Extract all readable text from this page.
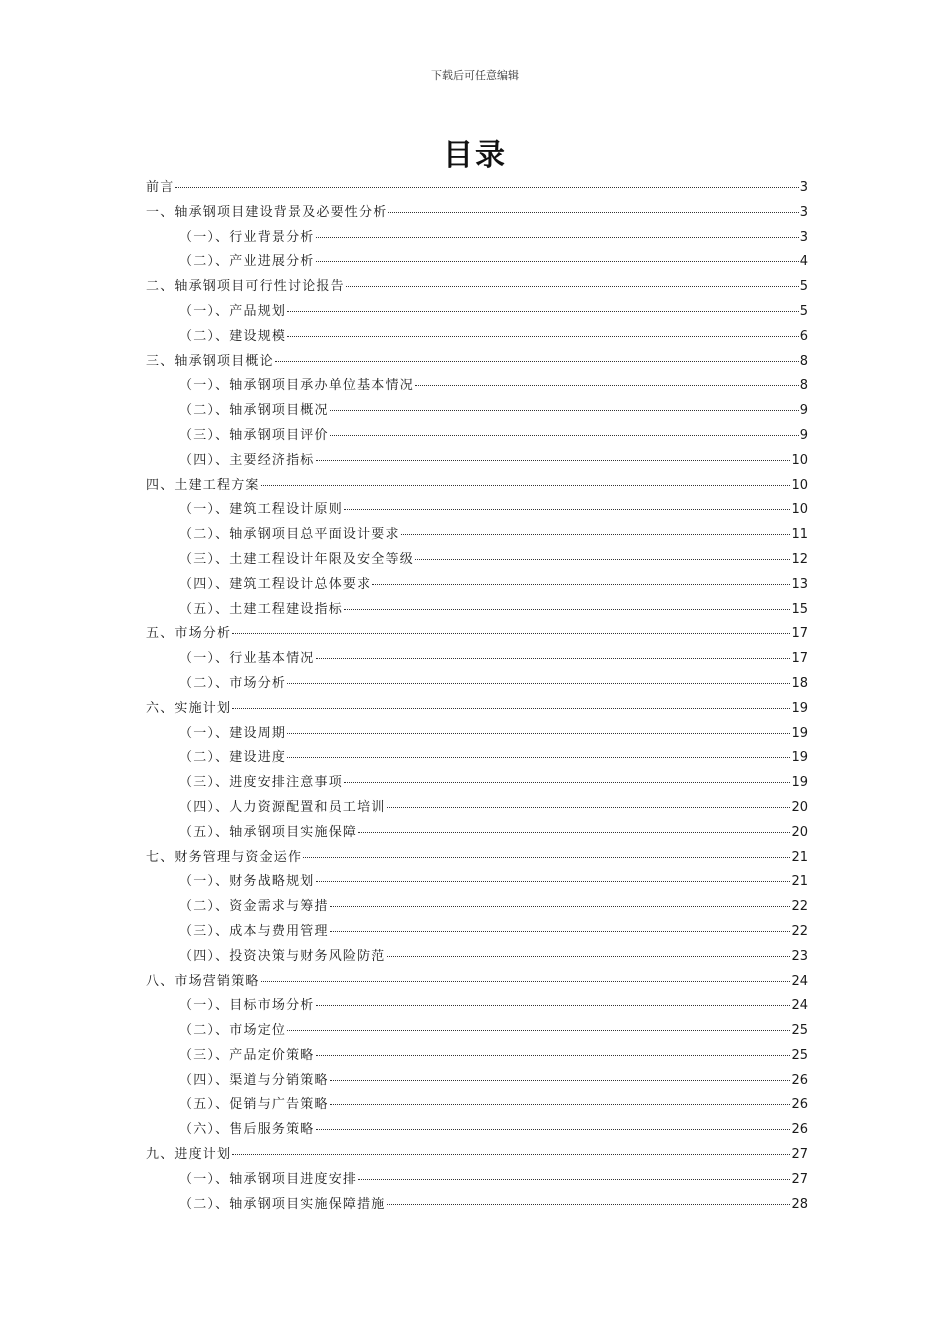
下载后可任意编辑
目录
前言	3
一、轴承钢项目建设背景及必要性分析	3
（一）、行业背景分析	3
（二）、产业进展分析	4
二、轴承钢项目可行性讨论报告	5
（一）、产品规划	5
（二）、建设规模	6
三、轴承钢项目概论	8
（一）、轴承钢项目承办单位基本情况	8
（二）、轴承钢项目概况	9
（三）、轴承钢项目评价	9
（四）、主要经济指标	10
四、土建工程方案	10
（一）、建筑工程设计原则	10
（二）、轴承钢项目总平面设计要求	11
（三）、土建工程设计年限及安全等级	12
（四）、建筑工程设计总体要求	13
（五）、土建工程建设指标	15
五、市场分析	17
（一）、行业基本情况	17
（二）、市场分析	18
六、实施计划	19
（一）、建设周期	19
（二）、建设进度	19
（三）、进度安排注意事项	19
（四）、人力资源配置和员工培训	20
（五）、轴承钢项目实施保障	20
七、财务管理与资金运作	21
（一）、财务战略规划	21
（二）、资金需求与筹措	22
（三）、成本与费用管理	22
（四）、投资决策与财务风险防范	23
八、市场营销策略	24
（一）、目标市场分析	24
（二）、市场定位	25
（三）、产品定价策略	25
（四）、渠道与分销策略	26
（五）、促销与广告策略	26
（六）、售后服务策略	26
九、进度计划	27
（一）、轴承钢项目进度安排	27
（二）、轴承钢项目实施保障措施	28
